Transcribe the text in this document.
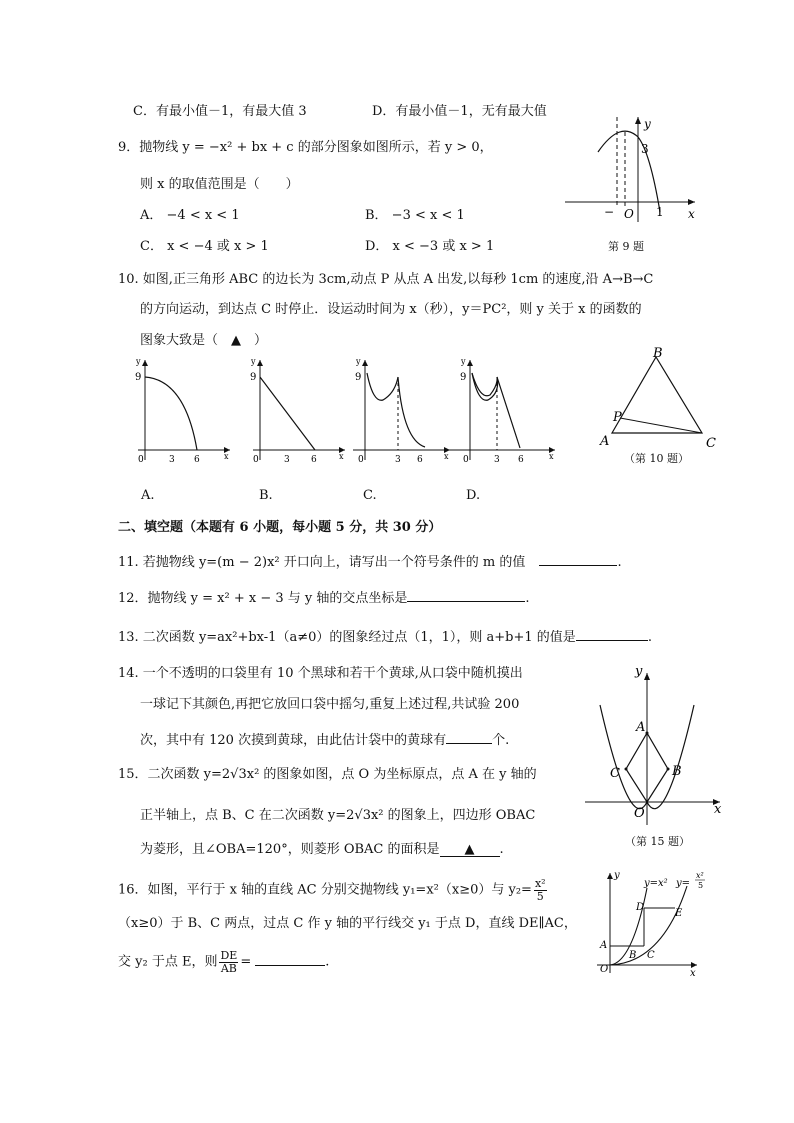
C．有最小值－1，有最大值 3	D．有最小值－1，无有最大值
9．抛物线 y = −x² + bx + c 的部分图象如图所示，若 y > 0，
则 x 的取值范围是（　　）
A． −4 < x < 1	B． −3 < x < 1
C． x < −4 或 x > 1	D． x < −3 或 x > 1
y
x
O
3
1
−
第 9 题
10. 如图,正三角形 ABC 的边长为 3cm,动点 P 从点 A 出发,以每秒 1cm 的速度,沿 A→B→C
的方向运动，到达点 C 时停止．设运动时间为 x（秒），y＝PC²，则 y 关于 x 的函数的
图象大致是（　▲　）
y
9
0	3 6	x
y
9
0	3 6	x
y
9
0	3 6	x
y
9
0	3 6	x
A.	B.	C.	D.
A
B
C
P
（第 10 题）
二、填空题（本题有 6 小题，每小题 5 分，共 30 分）
11. 若抛物线 y=(m − 2)x² 开口向上，请写出一个符号条件的 m 的值	.
12．抛物线 y = x² + x − 3 与 y 轴的交点坐标是	.
13. 二次函数 y=ax²+bx-1（a≠0）的图象经过点（1，1），则 a+b+1 的值是	.
14. 一个不透明的口袋里有 10 个黑球和若干个黄球,从口袋中随机摸出
一球记下其颜色,再把它放回口袋中摇匀,重复上述过程,共试验 200
次，其中有 120 次摸到黄球，由此估计袋中的黄球有	个.
15．二次函数 y=2√3x² 的图象如图，点 O 为坐标原点，点 A 在 y 轴的
正半轴上，点 B、C 在二次函数 y=2√3x² 的图象上，四边形 OBAC
为菱形，且∠OBA=120°，则菱形 OBAC 的面积是 ▲ .
y
x
O
A
B
C
（第 15 题）
16．如图，平行于 x 轴的直线 AC 分别交抛物线 y₁=x²（x≥0）与 $y_2= \frac{\text{x²}}{5}$
（x≥0）于 B、C 两点，过点 C 作 y 轴的平行线交 y₁ 于点 D，直线 DE∥AC，
交 y₂ 于点 E，则 $\frac{DE}{AB}$ =	.
y
x
O
A
B C
D
E
y=x² y=
x²
5
